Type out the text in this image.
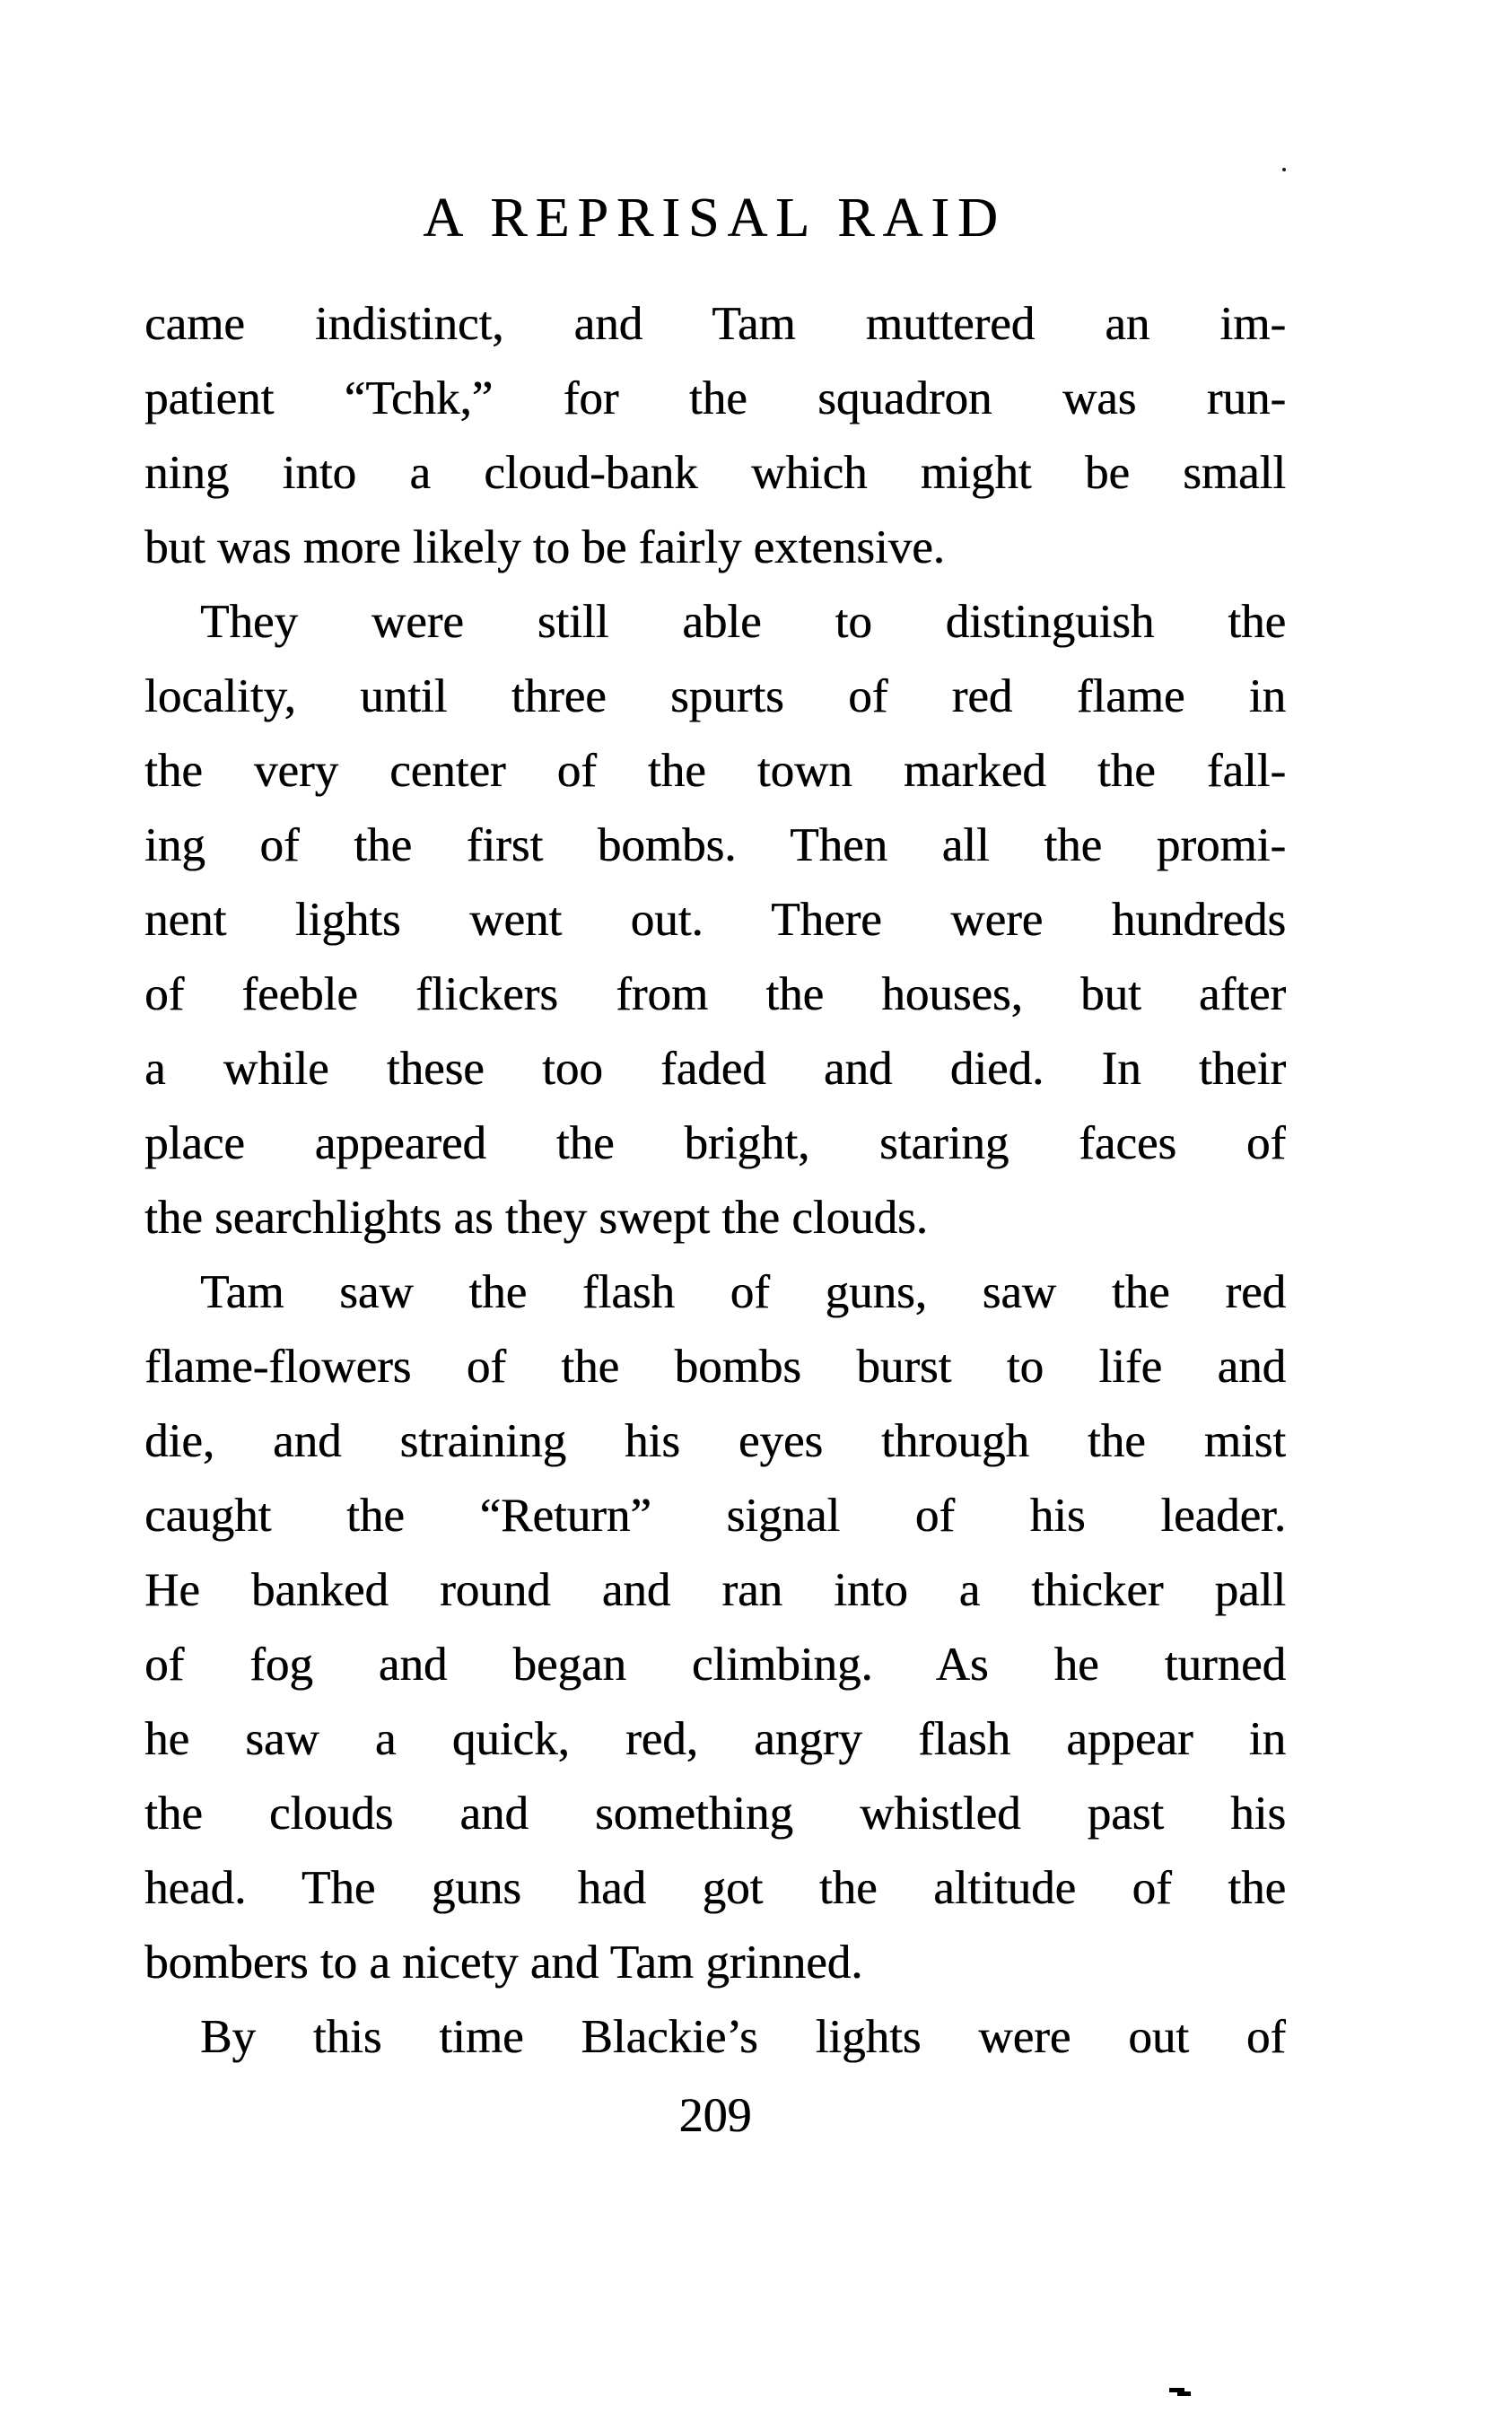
A REPRISAL RAID
came indistinct, and Tam muttered an im-
patient “Tchk,” for the squadron was run-
ning into a cloud-bank which might be small
but was more likely to be fairly extensive.
They were still able to distinguish the
locality, until three spurts of red flame in
the very center of the town marked the fall-
ing of the first bombs. Then all the promi-
nent lights went out. There were hundreds
of feeble flickers from the houses, but after
a while these too faded and died. In their
place appeared the bright, staring faces of
the searchlights as they swept the clouds.
Tam saw the flash of guns, saw the red
flame-flowers of the bombs burst to life and
die, and straining his eyes through the mist
caught the “Return” signal of his leader.
He banked round and ran into a thicker pall
of fog and began climbing. As he turned
he saw a quick, red, angry flash appear in
the clouds and something whistled past his
head. The guns had got the altitude of the
bombers to a nicety and Tam grinned.
By this time Blackie’s lights were out of
209
